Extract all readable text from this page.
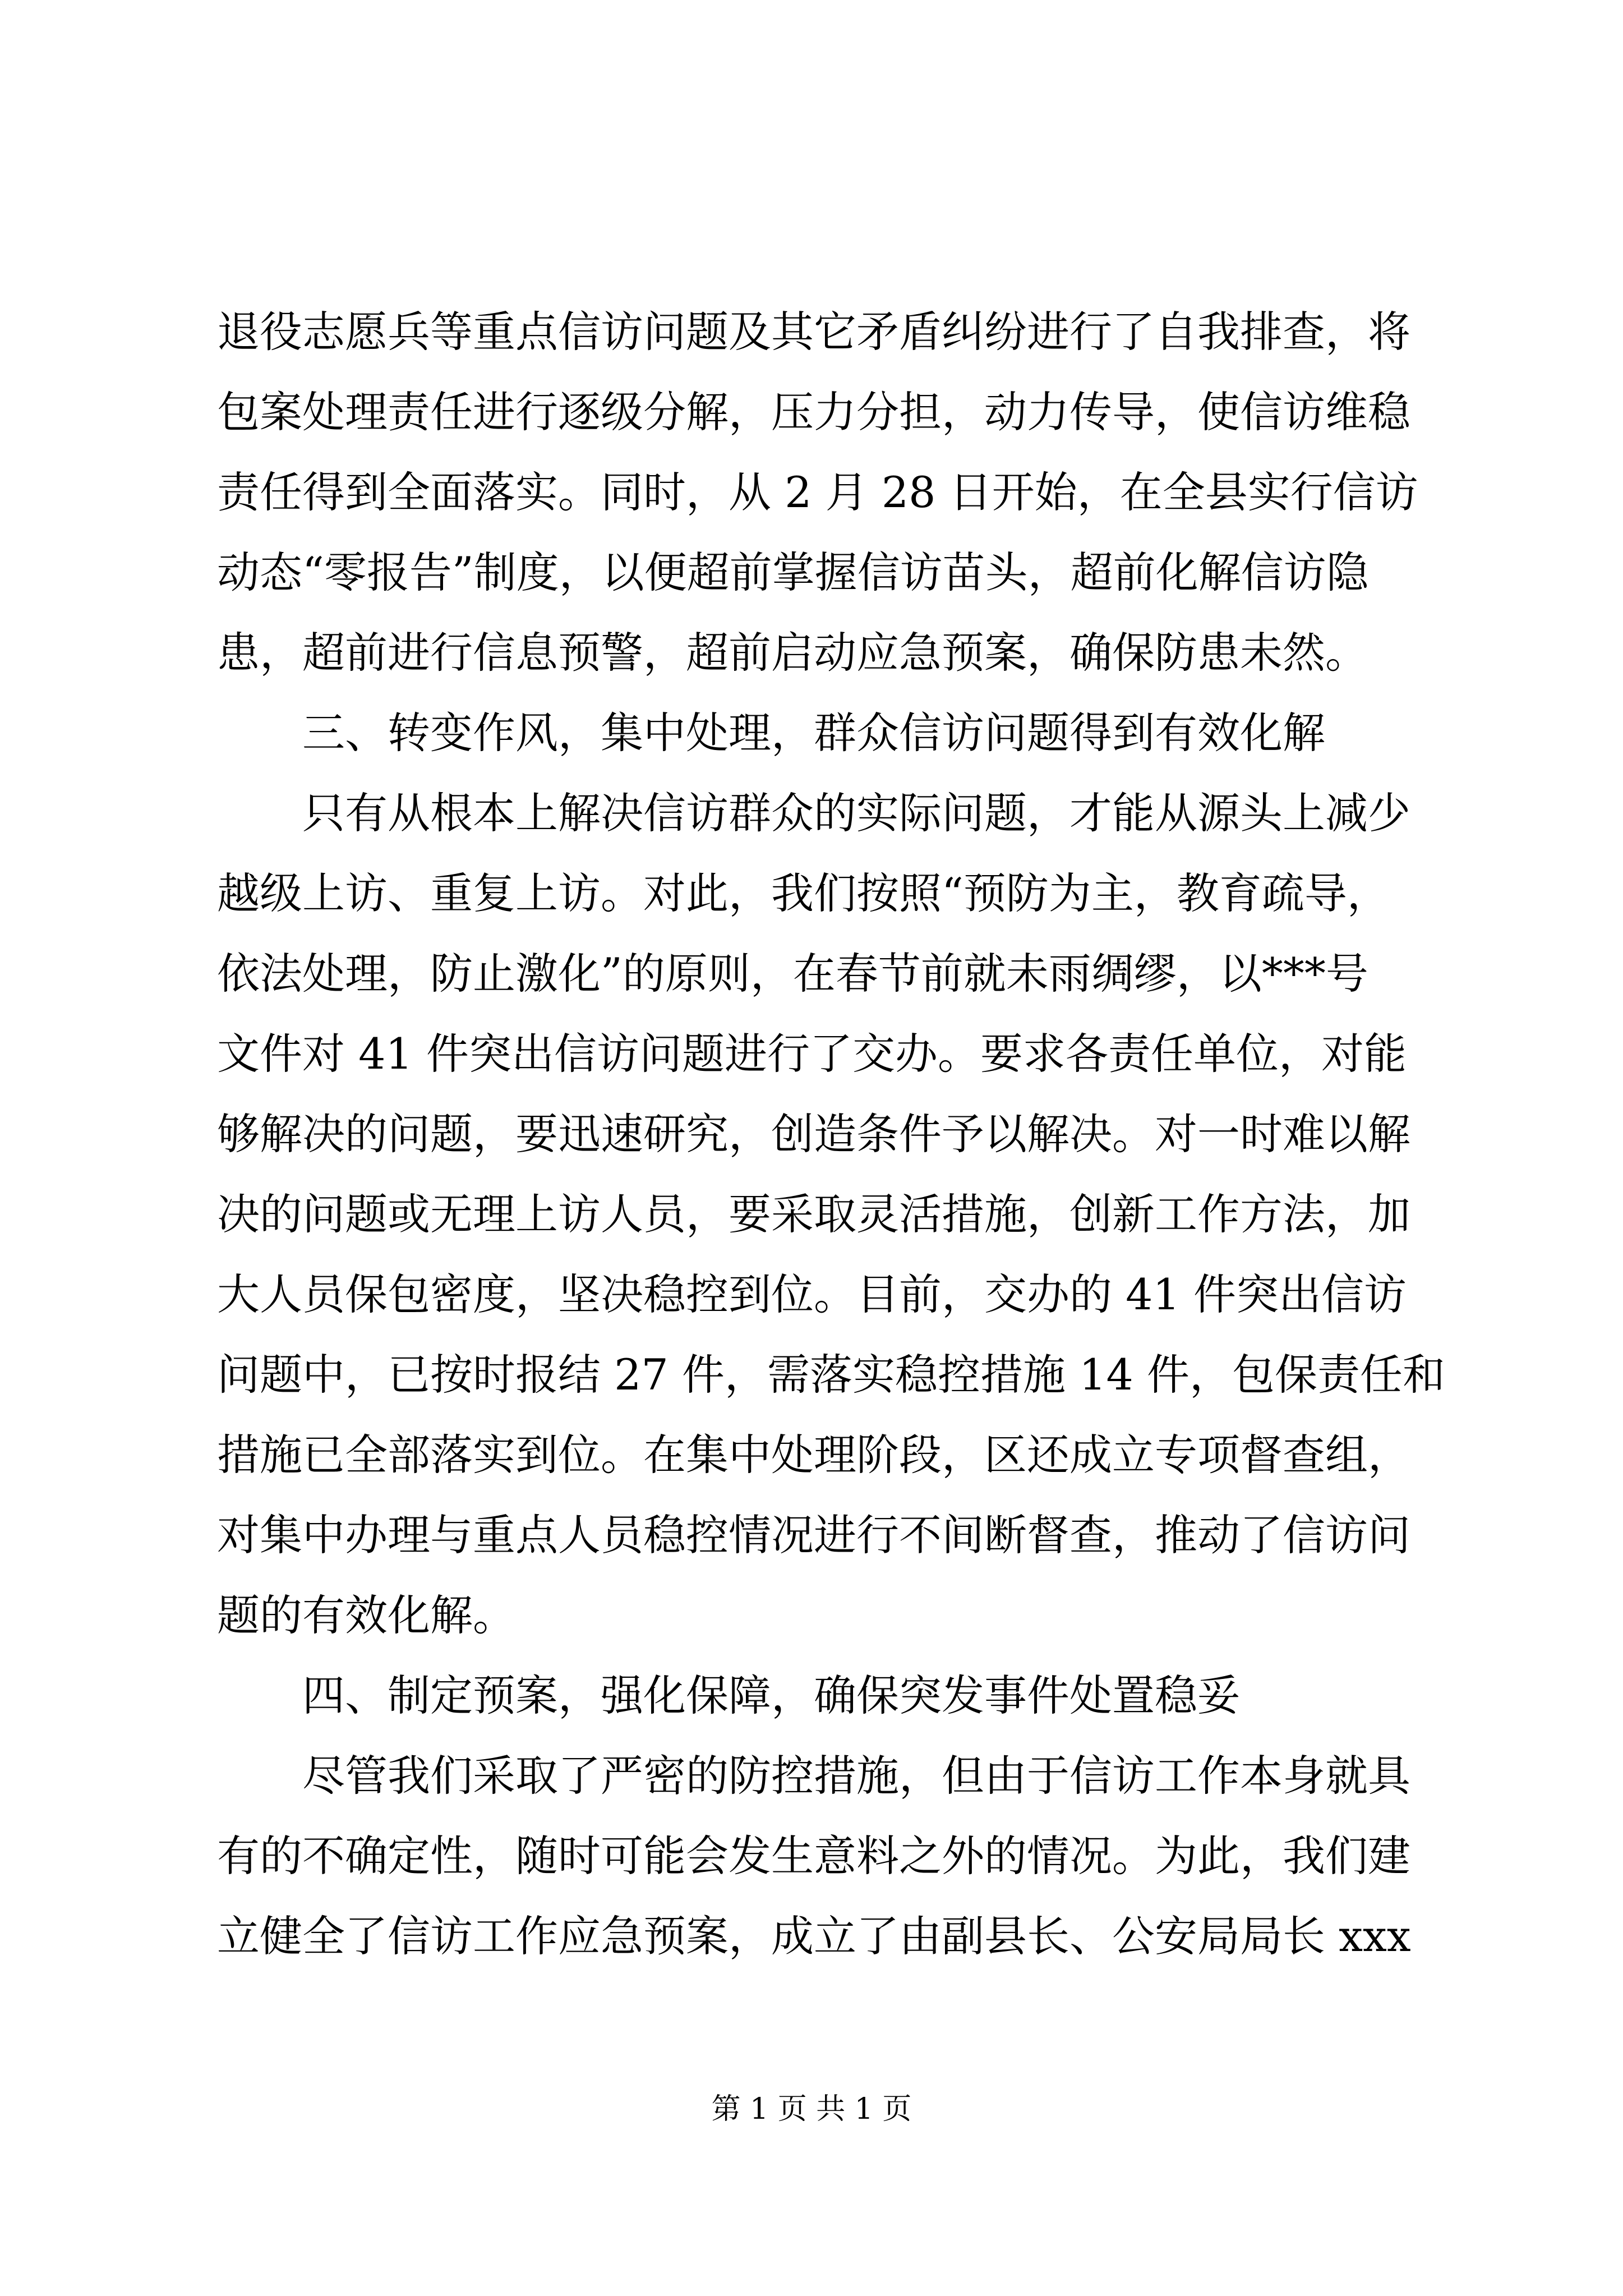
退役志愿兵等重点信访问题及其它矛盾纠纷进行了自我排查，将
包案处理责任进行逐级分解，压力分担，动力传导，使信访维稳
责任得到全面落实。同时，从 2 月 28 日开始，在全县实行信访
动态“零报告”制度，以便超前掌握信访苗头，超前化解信访隐
患，超前进行信息预警，超前启动应急预案，确保防患未然。
三、转变作风，集中处理，群众信访问题得到有效化解
只有从根本上解决信访群众的实际问题，才能从源头上减少
越级上访、重复上访。对此，我们按照“预防为主，教育疏导，
依法处理，防止激化”的原则，在春节前就未雨绸缪，以***号
文件对 41 件突出信访问题进行了交办。要求各责任单位，对能
够解决的问题，要迅速研究，创造条件予以解决。对一时难以解
决的问题或无理上访人员，要采取灵活措施，创新工作方法，加
大人员保包密度，坚决稳控到位。目前，交办的 41 件突出信访
问题中，已按时报结 27 件，需落实稳控措施 14 件，包保责任和
措施已全部落实到位。在集中处理阶段，区还成立专项督查组，
对集中办理与重点人员稳控情况进行不间断督查，推动了信访问
题的有效化解。
四、制定预案，强化保障，确保突发事件处置稳妥
尽管我们采取了严密的防控措施，但由于信访工作本身就具
有的不确定性，随时可能会发生意料之外的情况。为此，我们建
立健全了信访工作应急预案，成立了由副县长、公安局局长 xxx
第 1 页 共 1 页
